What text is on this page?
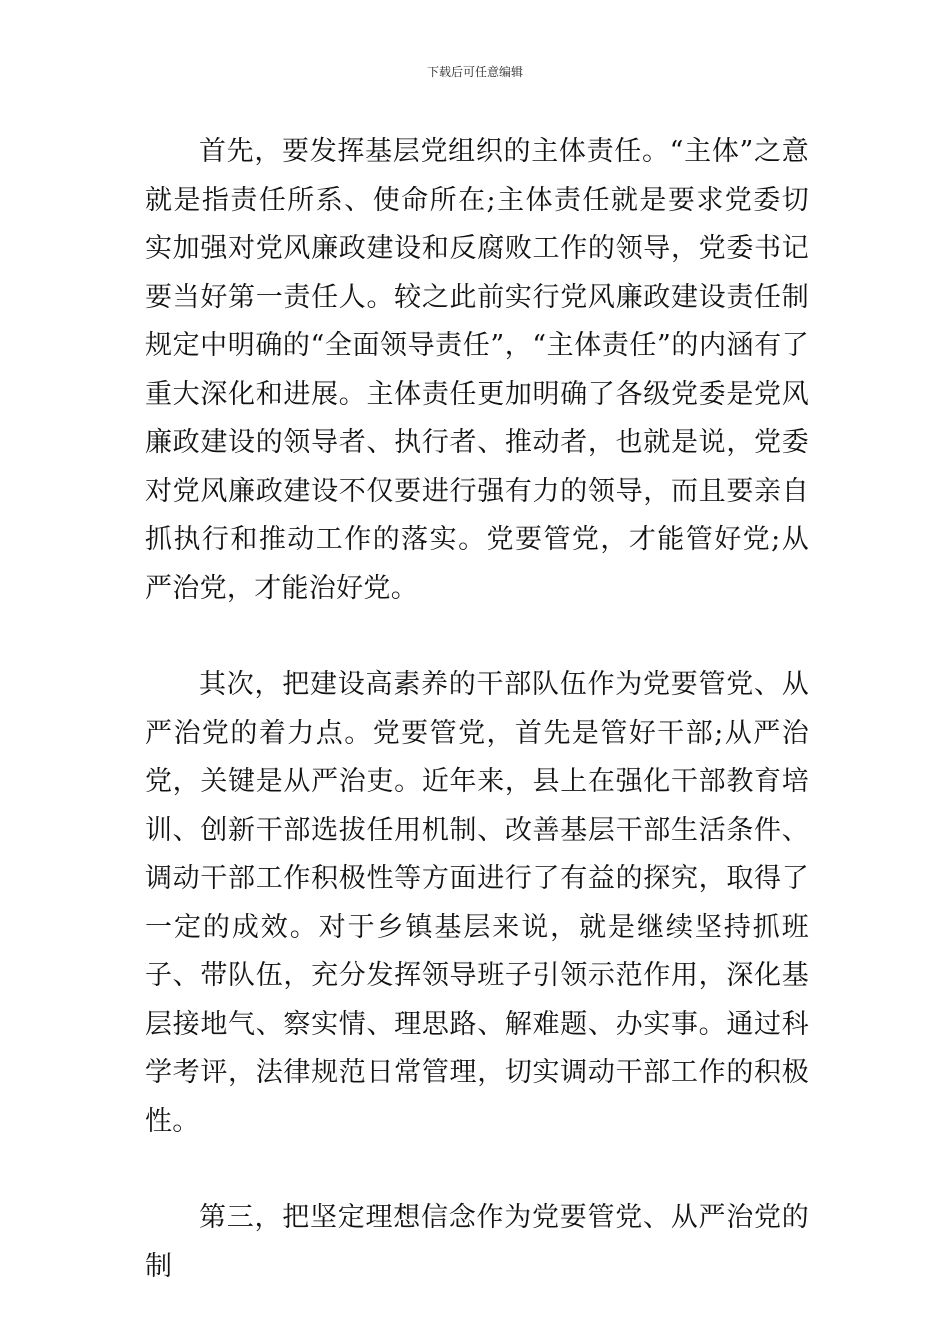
下载后可任意编辑

首先，要发挥基层党组织的主体责任。“主体”之意就是指责任所系、使命所在;主体责任就是要求党委切实加强对党风廉政建设和反腐败工作的领导，党委书记要当好第一责任人。较之此前实行党风廉政建设责任制规定中明确的“全面领导责任”，“主体责任”的内涵有了重大深化和进展。主体责任更加明确了各级党委是党风廉政建设的领导者、执行者、推动者，也就是说，党委对党风廉政建设不仅要进行强有力的领导，而且要亲自抓执行和推动工作的落实。党要管党，才能管好党;从严治党，才能治好党。

其次，把建设高素养的干部队伍作为党要管党、从严治党的着力点。党要管党，首先是管好干部;从严治党，关键是从严治吏。近年来，县上在强化干部教育培训、创新干部选拔任用机制、改善基层干部生活条件、调动干部工作积极性等方面进行了有益的探究，取得了一定的成效。对于乡镇基层来说，就是继续坚持抓班子、带队伍，充分发挥领导班子引领示范作用，深化基层接地气、察实情、理思路、解难题、办实事。通过科学考评，法律规范日常管理，切实调动干部工作的积极性。

第三，把坚定理想信念作为党要管党、从严治党的制
